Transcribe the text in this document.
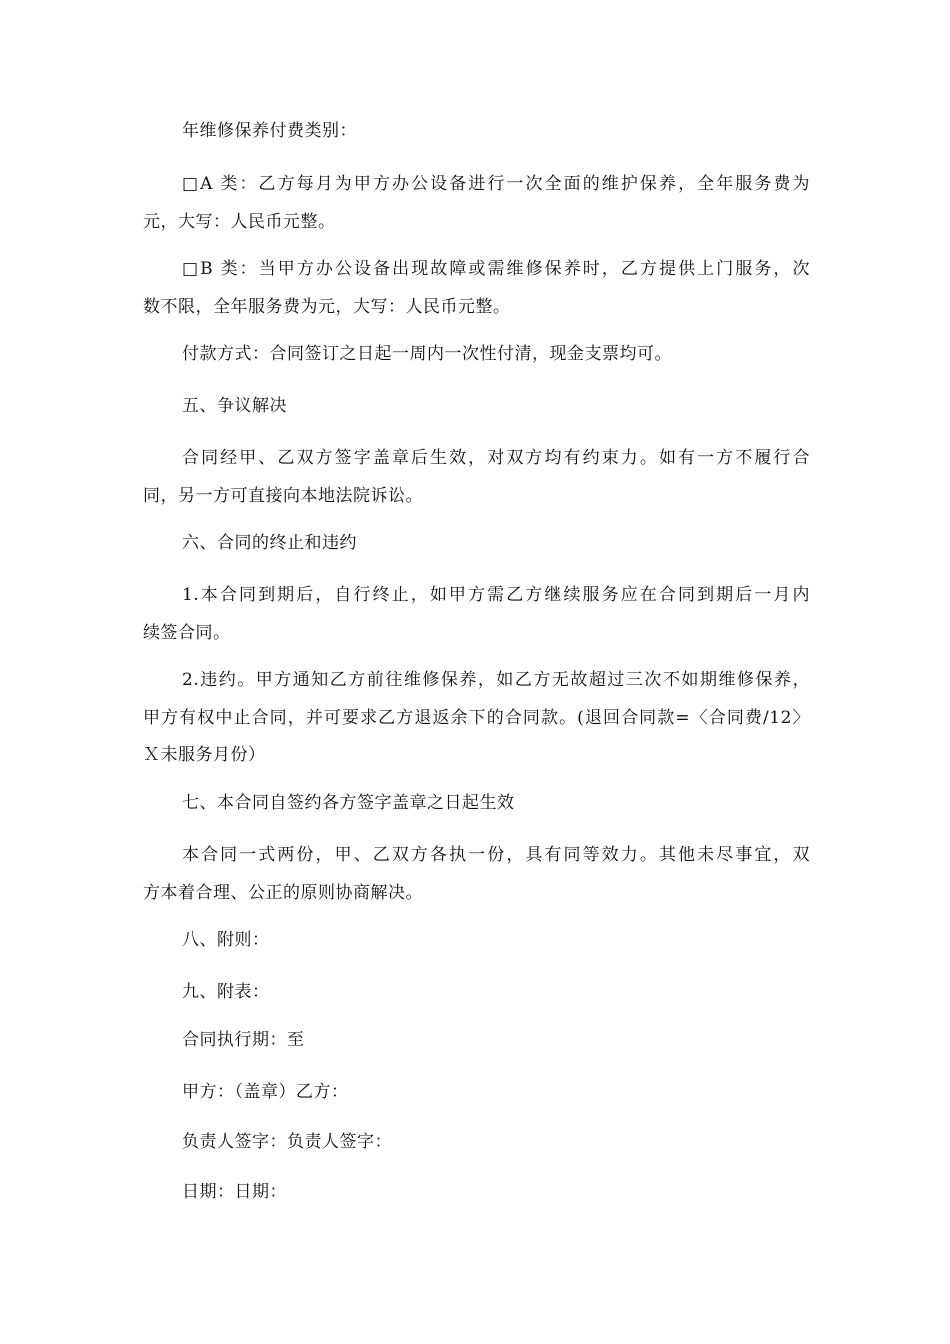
年维修保养付费类别：
□A 类：乙方每月为甲方办公设备进行一次全面的维护保养，全年服务费为
元，大写：人民币元整。
□B 类：当甲方办公设备出现故障或需维修保养时，乙方提供上门服务，次
数不限，全年服务费为元，大写：人民币元整。
付款方式：合同签订之日起一周内一次性付清，现金支票均可。
五、争议解决
合同经甲、乙双方签字盖章后生效，对双方均有约束力。如有一方不履行合
同，另一方可直接向本地法院诉讼。
六、合同的终止和违约
1.本合同到期后，自行终止，如甲方需乙方继续服务应在合同到期后一月内
续签合同。
2.违约。甲方通知乙方前往维修保养，如乙方无故超过三次不如期维修保养，
甲方有权中止合同，并可要求乙方退返余下的合同款。(退回合同款=〈合同费/12〉
Ｘ未服务月份）
七、本合同自签约各方签字盖章之日起生效
本合同一式两份，甲、乙双方各执一份，具有同等效力。其他未尽事宜，双
方本着合理、公正的原则协商解决。
八、附则：
九、附表：
合同执行期：至
甲方：（盖章）乙方：
负责人签字：负责人签字：
日期：日期：
